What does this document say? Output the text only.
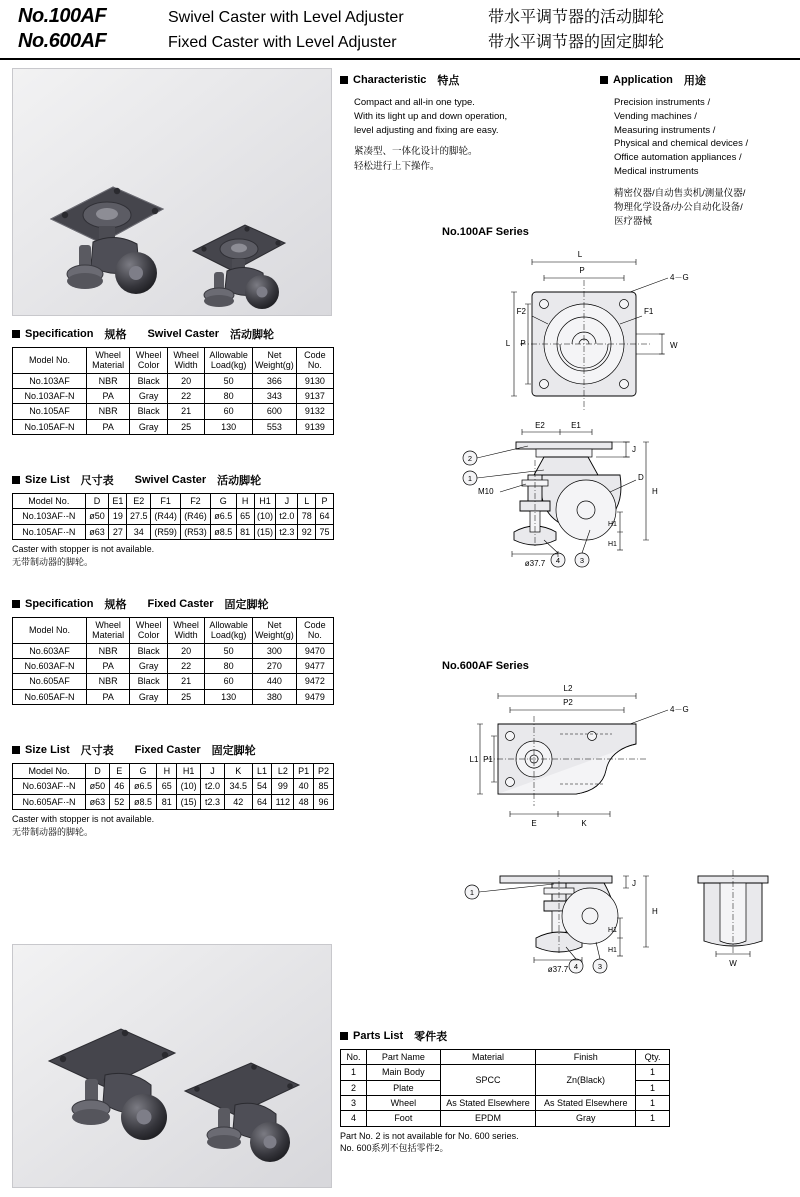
No.100AF	Swivel Caster with Level Adjuster	带水平调节器的活动脚轮
No.600AF	Fixed Caster with Level Adjuster	带水平调节器的固定脚轮
Characteristic 特点
Compact and all-in one type.
With its light up and down operation,
level adjusting and fixing are easy.
紧凑型、一体化设计的脚轮。
轻松进行上下操作。
Application 用途
Precision instruments /
Vending machines /
Measuring instruments /
Physical and chemical devices /
Office automation appliances /
Medical instruments
精密仪器/自动售卖机/测量仪器/
物理化学设备/办公自动化设备/
医疗器械
Specification 规格 Swivel Caster 活动脚轮
Model No.	Wheel Material	Wheel Color	Wheel Width	Allowable Load(kg)	Net Weight(g)	Code No.
No.103AF	NBR	Black	20	50	366	9130
No.103AF-N	PA	Gray	22	80	343	9137
No.105AF	NBR	Black	21	60	600	9132
No.105AF-N	PA	Gray	25	130	553	9139
Size List 尺寸表 Swivel Caster 活动脚轮
Model No.	D	E1	E2	F1	F2	G	H	H1	J	L	P
No.103AF·-N	ø50	19	27.5	(R44)	(R46)	ø6.5	65	(10)	t2.0	78	64
No.105AF·-N	ø63	27	34	(R59)	(R53)	ø8.5	81	(15)	t2.3	92	75
Caster with stopper is not available.
无带制动器的脚轮。
Specification 规格 Fixed Caster 固定脚轮
Model No.	Wheel Material	Wheel Color	Wheel Width	Allowable Load(kg)	Net Weight(g)	Code No.
No.603AF	NBR	Black	20	50	300	9470
No.603AF-N	PA	Gray	22	80	270	9477
No.605AF	NBR	Black	21	60	440	9472
No.605AF-N	PA	Gray	25	130	380	9479
Size List 尺寸表 Fixed Caster 固定脚轮
Model No.	D	E	G	H	H1	J	K	L1	L2	P1	P2
No.603AF·-N	ø50	46	ø6.5	65	(10)	t2.0	34.5	54	99	40	85
No.605AF·-N	ø63	52	ø8.5	81	(15)	t2.3	42	64	112	48	96
Caster with stopper is not available.
无带制动器的脚轮。
No.100AF Series
L
P
4－G
L P
F2	F1
W
E2	E1
M10
2
1
3
4
D
J
H
H1
H1
ø37.7
No.600AF Series
L2
P2
4－G
L1 P1
E	K
1
3
4
J
H
H1
H1
ø37.7
W
Parts List 零件表
No.	Part Name	Material	Finish	Qty.
1	Main Body	SPCC	Zn(Black)	1
2	Plate			1
3	Wheel	As Stated Elsewhere	As Stated Elsewhere	1
4	Foot	EPDM	Gray	1
Part No. 2 is not available for No. 600 series.
No. 600系列不包括零件2。
